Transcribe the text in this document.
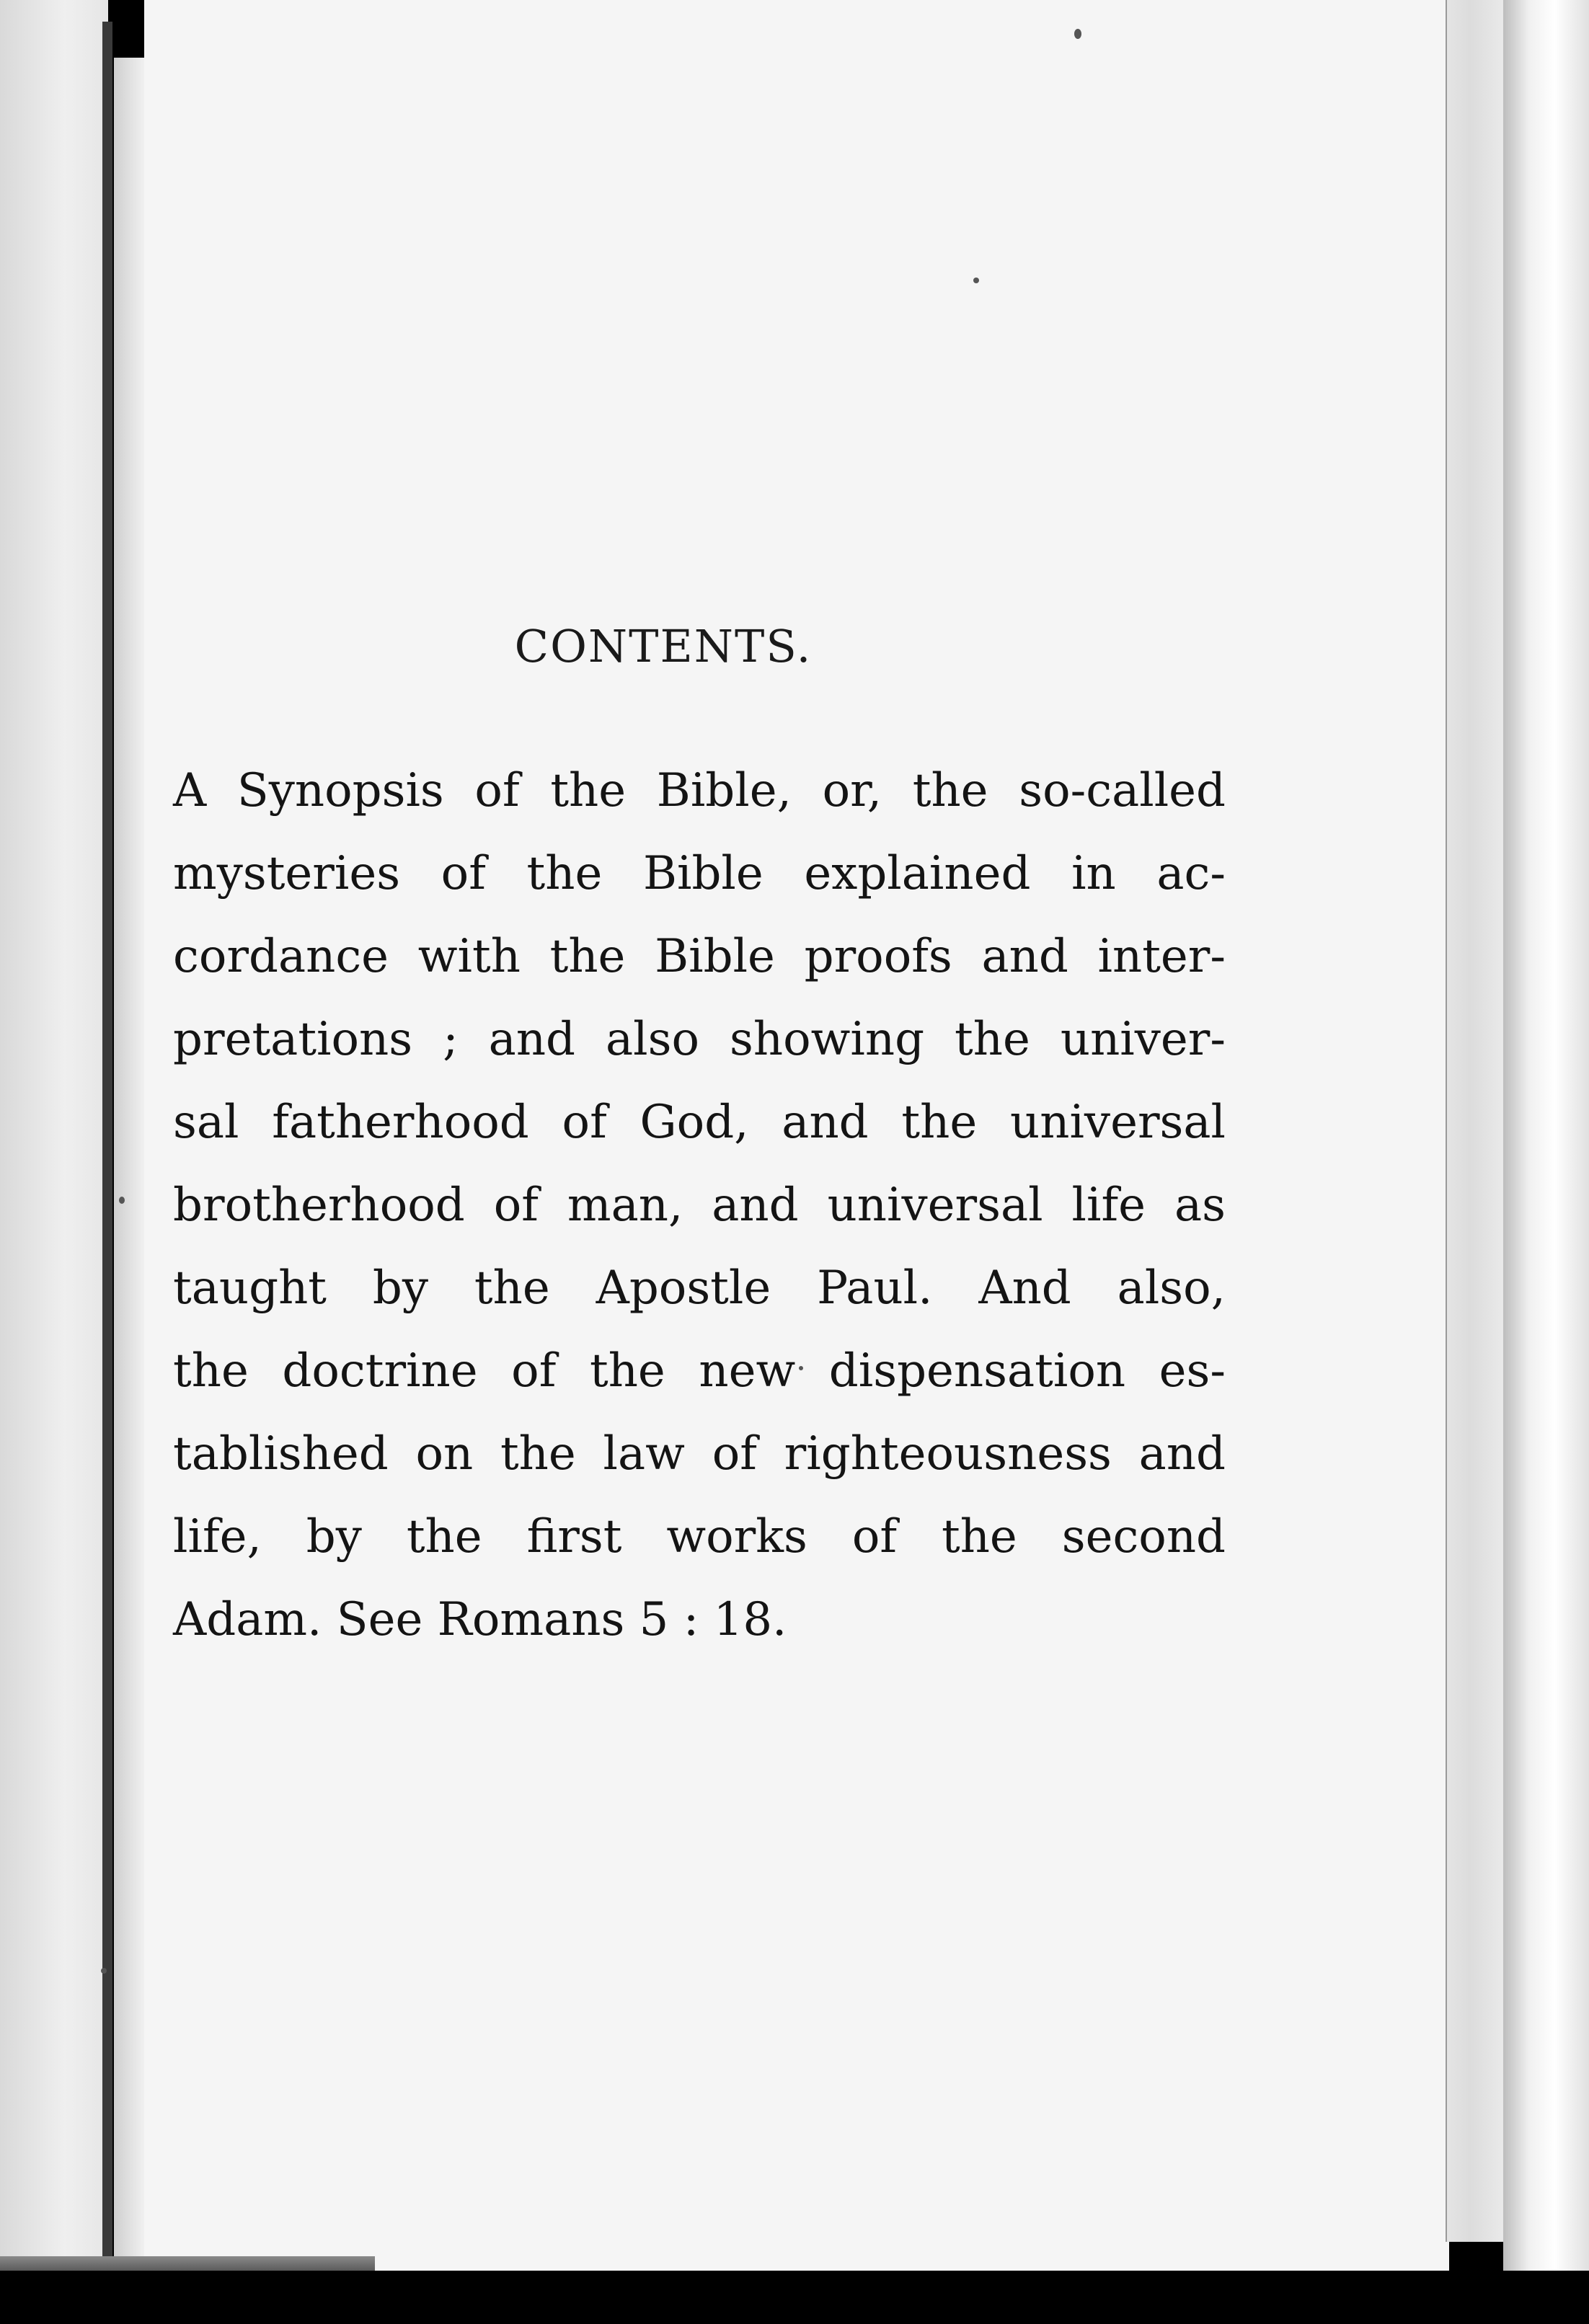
CONTENTS.
A Synopsis of the Bible, or, the so-called
mysteries of the Bible explained in ac-
cordance with the Bible proofs and inter-
pretations ; and also showing the univer-
sal fatherhood of God, and the universal
brotherhood of man, and universal life as
taught by the Apostle Paul. And also,
the doctrine of the new dispensation es-
tablished on the law of righteousness and
life, by the first works of the second
Adam. See Romans 5 : 18.
